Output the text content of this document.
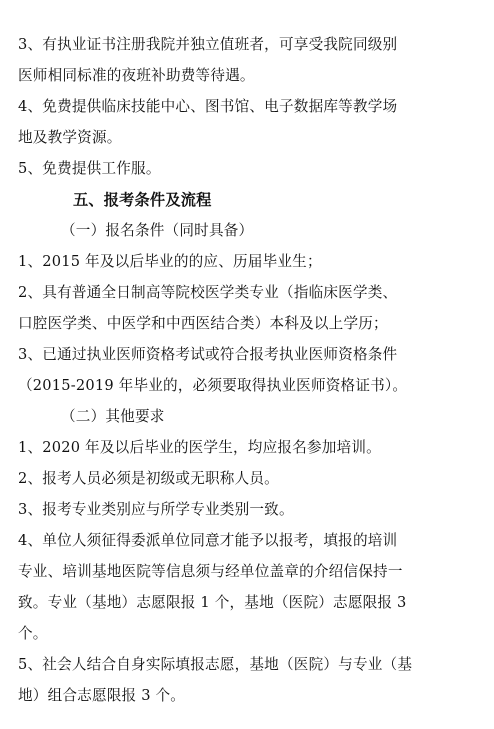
3、有执业证书注册我院并独立值班者，可享受我院同级别
医师相同标准的夜班补助费等待遇。
4、免费提供临床技能中心、图书馆、电子数据库等教学场
地及教学资源。
5、免费提供工作服。
五、报考条件及流程
（一）报名条件（同时具备）
1、2015 年及以后毕业的的应、历届毕业生；
2、具有普通全日制高等院校医学类专业（指临床医学类、
口腔医学类、中医学和中西医结合类）本科及以上学历；
3、已通过执业医师资格考试或符合报考执业医师资格条件
（2015-2019 年毕业的，必须要取得执业医师资格证书）。
（二）其他要求
1、2020 年及以后毕业的医学生，均应报名参加培训。
2、报考人员必须是初级或无职称人员。
3、报考专业类别应与所学专业类别一致。
4、单位人须征得委派单位同意才能予以报考，填报的培训
专业、培训基地医院等信息须与经单位盖章的介绍信保持一
致。专业（基地）志愿限报 1 个，基地（医院）志愿限报 3
个。
5、社会人结合自身实际填报志愿，基地（医院）与专业（基
地）组合志愿限报 3 个。
